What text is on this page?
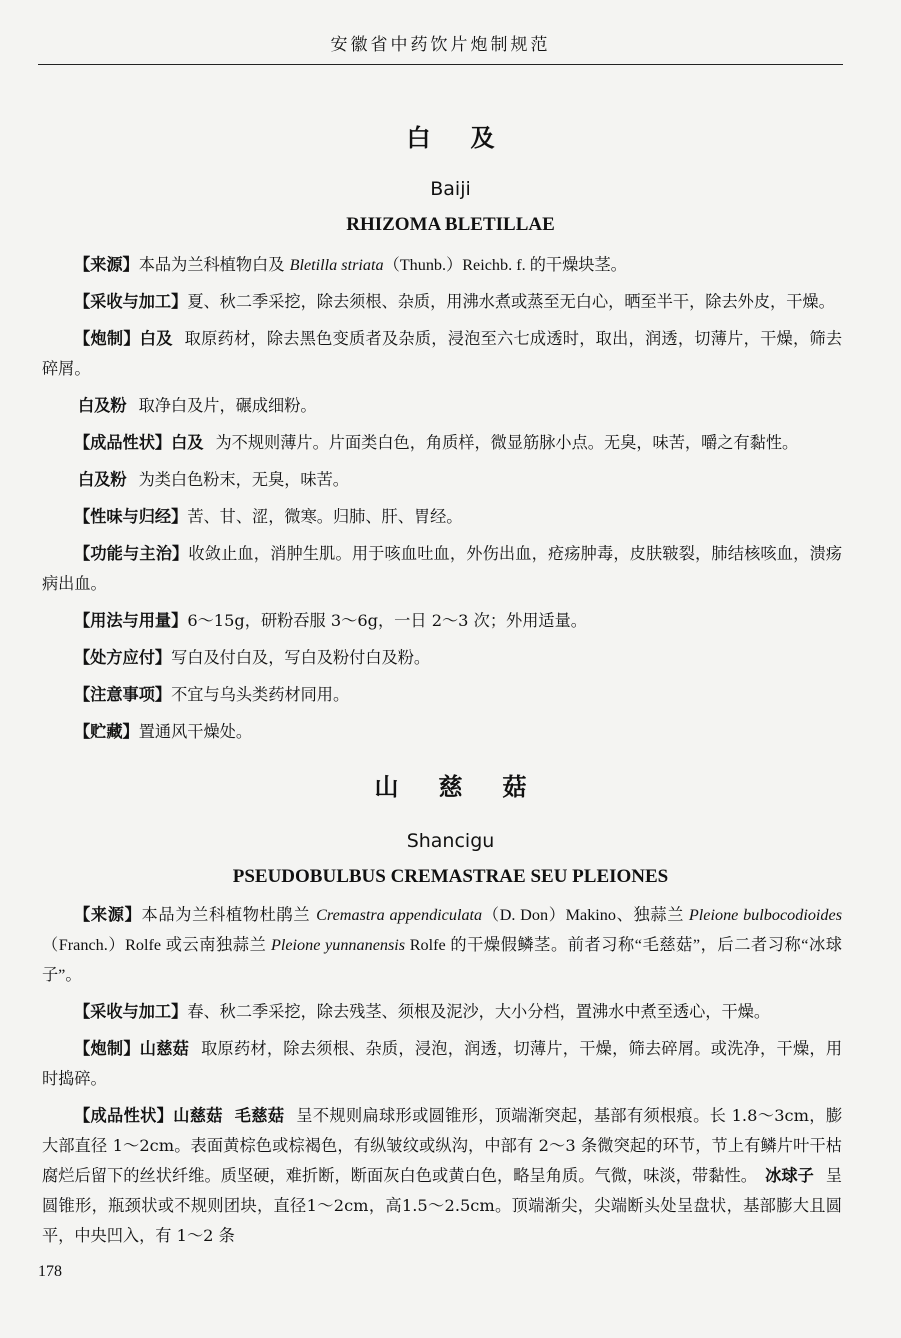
安徽省中药饮片炮制规范
白及
Baiji
RHIZOMA BLETILLAE

【来源】本品为兰科植物白及 Bletilla striata（Thunb.）Reichb. f. 的干燥块茎。

【采收与加工】夏、秋二季采挖，除去须根、杂质，用沸水煮或蒸至无白心，晒至半干，除去外皮，干燥。

【炮制】白及 取原药材，除去黑色变质者及杂质，浸泡至六七成透时，取出，润透，切薄片，干燥，筛去碎屑。

白及粉 取净白及片，碾成细粉。

【成品性状】白及 为不规则薄片。片面类白色，角质样，微显筋脉小点。无臭，味苦，嚼之有黏性。

白及粉 为类白色粉末，无臭，味苦。

【性味与归经】苦、甘、涩，微寒。归肺、肝、胃经。

【功能与主治】收敛止血，消肿生肌。用于咳血吐血，外伤出血，疮疡肿毒，皮肤皲裂，肺结核咳血，溃疡病出血。

【用法与用量】6～15g，研粉吞服 3～6g，一日 2～3 次；外用适量。

【处方应付】写白及付白及，写白及粉付白及粉。

【注意事项】不宜与乌头类药材同用。

【贮藏】置通风干燥处。

山慈菇
Shancigu
PSEUDOBULBUS CREMASTRAE SEU PLEIONES

【来源】本品为兰科植物杜鹃兰 Cremastra appendiculata（D. Don）Makino、独蒜兰 Pleione bulbocodioides（Franch.）Rolfe 或云南独蒜兰 Pleione yunnanensis Rolfe 的干燥假鳞茎。前者习称“毛慈菇”，后二者习称“冰球子”。

【采收与加工】春、秋二季采挖，除去残茎、须根及泥沙，大小分档，置沸水中煮至透心，干燥。

【炮制】山慈菇 取原药材，除去须根、杂质，浸泡，润透，切薄片，干燥，筛去碎屑。或洗净，干燥，用时捣碎。

【成品性状】山慈菇 毛慈菇 呈不规则扁球形或圆锥形，顶端渐突起，基部有须根痕。长 1.8～3cm，膨大部直径 1～2cm。表面黄棕色或棕褐色，有纵皱纹或纵沟，中部有 2～3 条微突起的环节，节上有鳞片叶干枯腐烂后留下的丝状纤维。质坚硬，难折断，断面灰白色或黄白色，略呈角质。气微，味淡，带黏性。 冰球子 呈圆锥形，瓶颈状或不规则团块，直径1～2cm，高1.5～2.5cm。顶端渐尖，尖端断头处呈盘状，基部膨大且圆平，中央凹入，有 1～2 条

178
